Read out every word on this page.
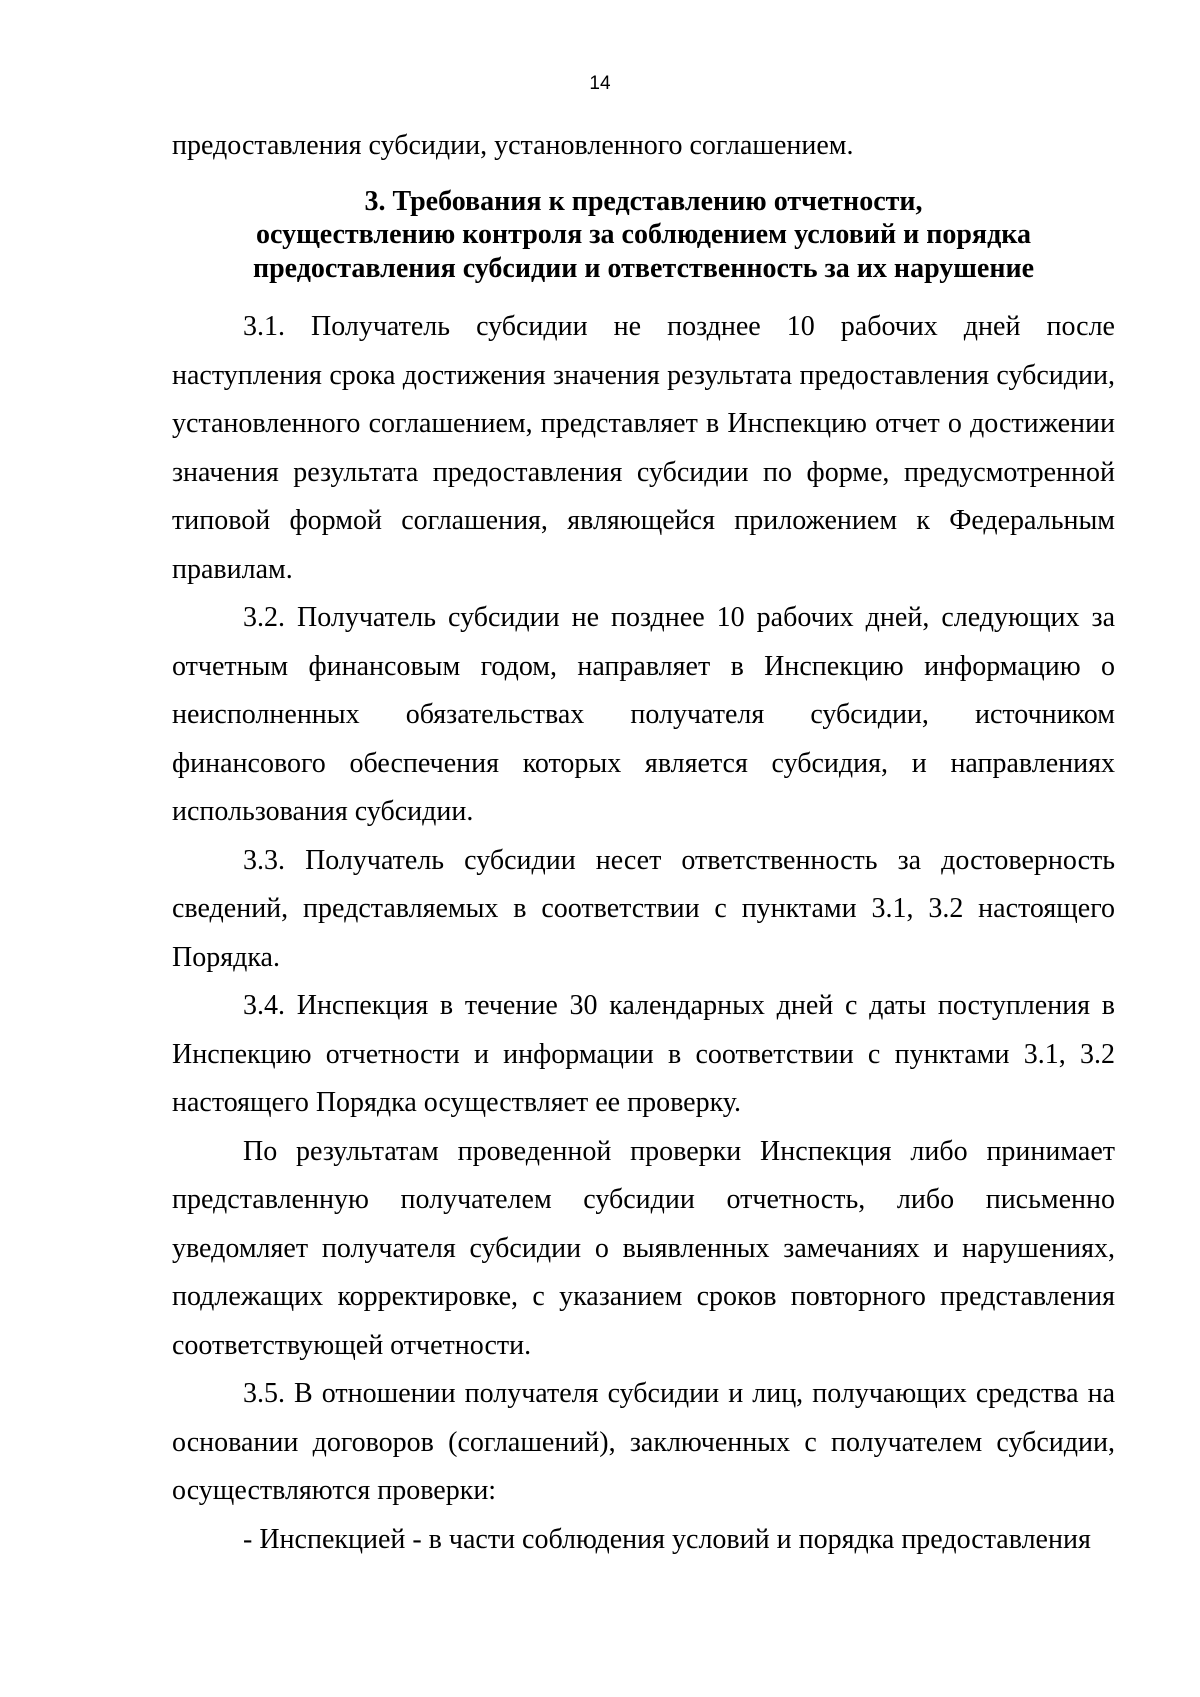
14

предоставления субсидии, установленного соглашением.

3. Требования к представлению отчетности,
осуществлению контроля за соблюдением условий и порядка
предоставления субсидии и ответственность за их нарушение

3.1. Получатель субсидии не позднее 10 рабочих дней после наступления срока достижения значения результата предоставления субсидии, установленного соглашением, представляет в Инспекцию отчет о достижении значения результата предоставления субсидии по форме, предусмотренной типовой формой соглашения, являющейся приложением к Федеральным правилам.

3.2. Получатель субсидии не позднее 10 рабочих дней, следующих за отчетным финансовым годом, направляет в Инспекцию информацию о неисполненных обязательствах получателя субсидии, источником финансового обеспечения которых является субсидия, и направлениях использования субсидии.

3.3. Получатель субсидии несет ответственность за достоверность сведений, представляемых в соответствии с пунктами 3.1, 3.2 настоящего Порядка.

3.4. Инспекция в течение 30 календарных дней с даты поступления в Инспекцию отчетности и информации в соответствии с пунктами 3.1, 3.2 настоящего Порядка осуществляет ее проверку.

По результатам проведенной проверки Инспекция либо принимает представленную получателем субсидии отчетность, либо письменно уведомляет получателя субсидии о выявленных замечаниях и нарушениях, подлежащих корректировке, с указанием сроков повторного представления соответствующей отчетности.

3.5. В отношении получателя субсидии и лиц, получающих средства на основании договоров (соглашений), заключенных с получателем субсидии, осуществляются проверки:

- Инспекцией - в части соблюдения условий и порядка предоставления
